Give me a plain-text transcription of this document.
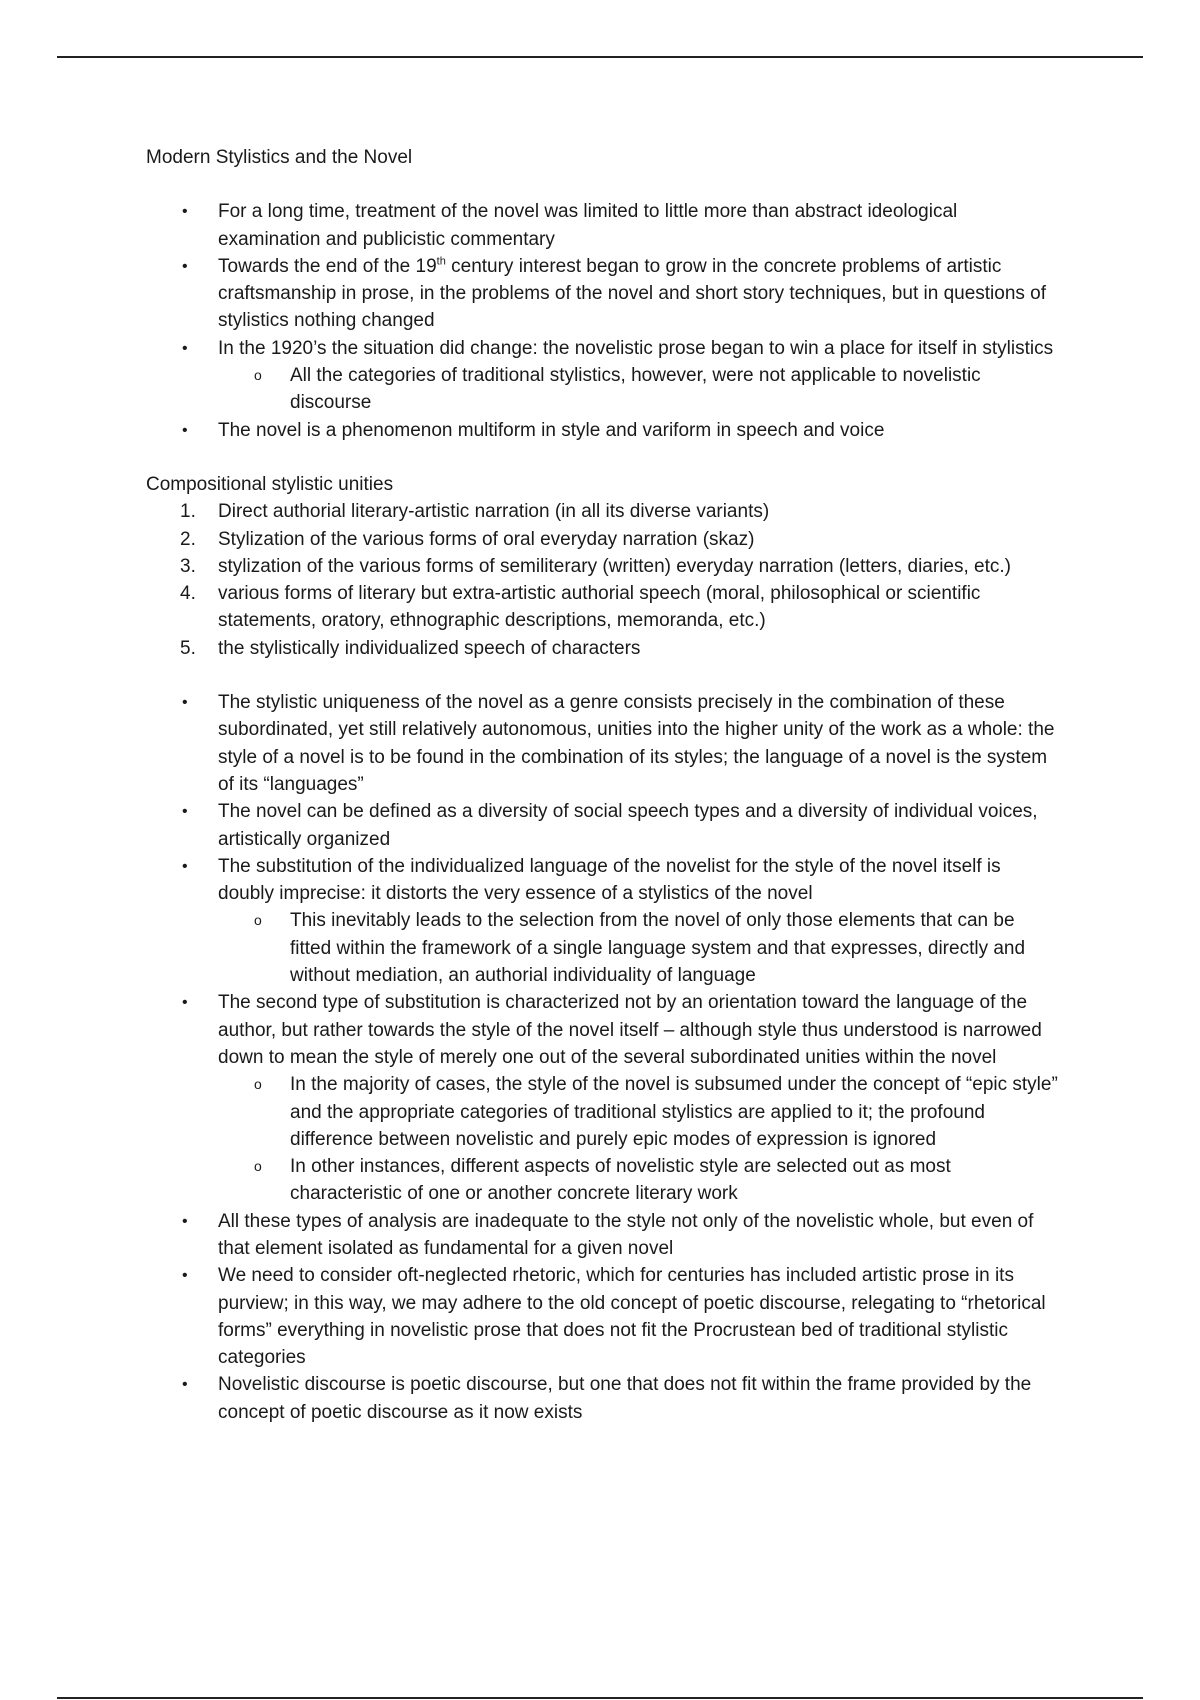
Modern Stylistics and the Novel

•	For a long time, treatment of the novel was limited to little more than abstract ideological examination and publicistic commentary
•	Towards the end of the 19th century interest began to grow in the concrete problems of artistic craftsmanship in prose, in the problems of the novel and short story techniques, but in questions of stylistics nothing changed
•	In the 1920’s the situation did change: the novelistic prose began to win a place for itself in stylistics
o	All the categories of traditional stylistics, however, were not applicable to novelistic discourse
•	The novel is a phenomenon multiform in style and variform in speech and voice

Compositional stylistic unities

1.	Direct authorial literary-artistic narration (in all its diverse variants)
2.	Stylization of the various forms of oral everyday narration (skaz)
3.	stylization of the various forms of semiliterary (written) everyday narration (letters, diaries, etc.)
4.	various forms of literary but extra-artistic authorial speech (moral, philosophical or scientific statements, oratory, ethnographic descriptions, memoranda, etc.)
5.	the stylistically individualized speech of characters
•	The stylistic uniqueness of the novel as a genre consists precisely in the combination of these subordinated, yet still relatively autonomous, unities into the higher unity of the work as a whole: the style of a novel is to be found in the combination of its styles; the language of a novel is the system of its “languages”
•	The novel can be defined as a diversity of social speech types and a diversity of individual voices, artistically organized
•	The substitution of the individualized language of the novelist for the style of the novel itself is doubly imprecise: it distorts the very essence of a stylistics of the novel
o	This inevitably leads to the selection from the novel of only those elements that can be fitted within the framework of a single language system and that expresses, directly and without mediation, an authorial individuality of language
•	The second type of substitution is characterized not by an orientation toward the language of the author, but rather towards the style of the novel itself – although style thus understood is narrowed down to mean the style of merely one out of the several subordinated unities within the novel
o	In the majority of cases, the style of the novel is subsumed under the concept of “epic style” and the appropriate categories of traditional stylistics are applied to it; the profound difference between novelistic and purely epic modes of expression is ignored
o	In other instances, different aspects of novelistic style are selected out as most characteristic of one or another concrete literary work
•	All these types of analysis are inadequate to the style not only of the novelistic whole, but even of that element isolated as fundamental for a given novel
•	We need to consider oft-neglected rhetoric, which for centuries has included artistic prose in its purview; in this way, we may adhere to the old concept of poetic discourse, relegating to “rhetorical forms” everything in novelistic prose that does not fit the Procrustean bed of traditional stylistic categories
•	Novelistic discourse is poetic discourse, but one that does not fit within the frame provided by the concept of poetic discourse as it now exists
